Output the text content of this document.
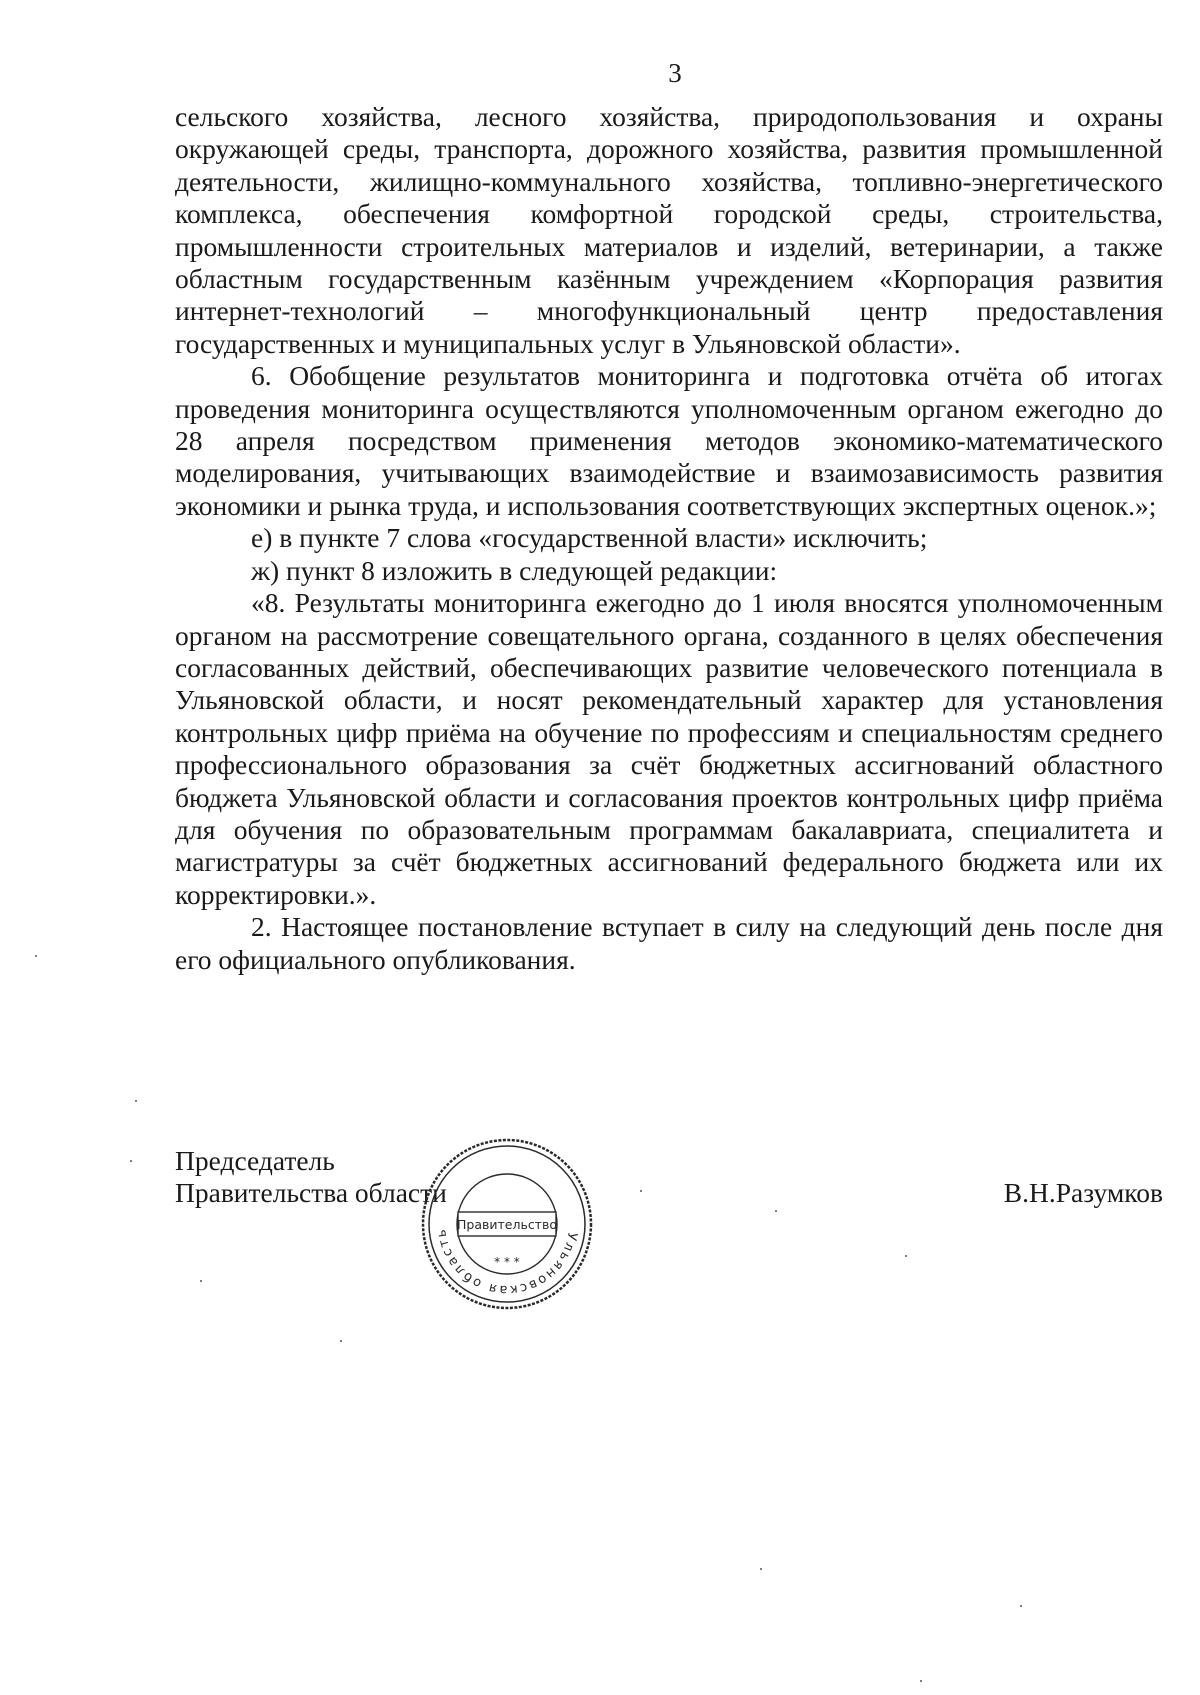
3

сельского хозяйства, лесного хозяйства, природопользования и охраны окружающей среды, транспорта, дорожного хозяйства, развития промышленной деятельности, жилищно-коммунального хозяйства, топливно-энергетического комплекса, обеспечения комфортной городской среды, строительства, промышленности строительных материалов и изделий, ветеринарии, а также областным государственным казённым учреждением «Корпорация развития интернет-технологий – многофункциональный центр предоставления государственных и муниципальных услуг в Ульяновской области».

6. Обобщение результатов мониторинга и подготовка отчёта об итогах проведения мониторинга осуществляются уполномоченным органом ежегодно до 28 апреля посредством применения методов экономико-математического моделирования, учитывающих взаимодействие и взаимозависимость развития экономики и рынка труда, и использования соответствующих экспертных оценок.»;

е) в пункте 7 слова «государственной власти» исключить;

ж) пункт 8 изложить в следующей редакции:

«8. Результаты мониторинга ежегодно до 1 июля вносятся уполномоченным органом на рассмотрение совещательного органа, созданного в целях обеспечения согласованных действий, обеспечивающих развитие человеческого потенциала в Ульяновской области, и носят рекомендательный характер для установления контрольных цифр приёма на обучение по профессиям и специальностям среднего профессионального образования за счёт бюджетных ассигнований областного бюджета Ульяновской области и согласования проектов контрольных цифр приёма для обучения по образовательным программам бакалавриата, специалитета и магистратуры за счёт бюджетных ассигнований федерального бюджета или их корректировки.».

2. Настоящее постановление вступает в силу на следующий день после дня его официального опубликования.

Председатель
Правительства области	В.Н.Разумков
Ульяновская область
Правительство
* * *
